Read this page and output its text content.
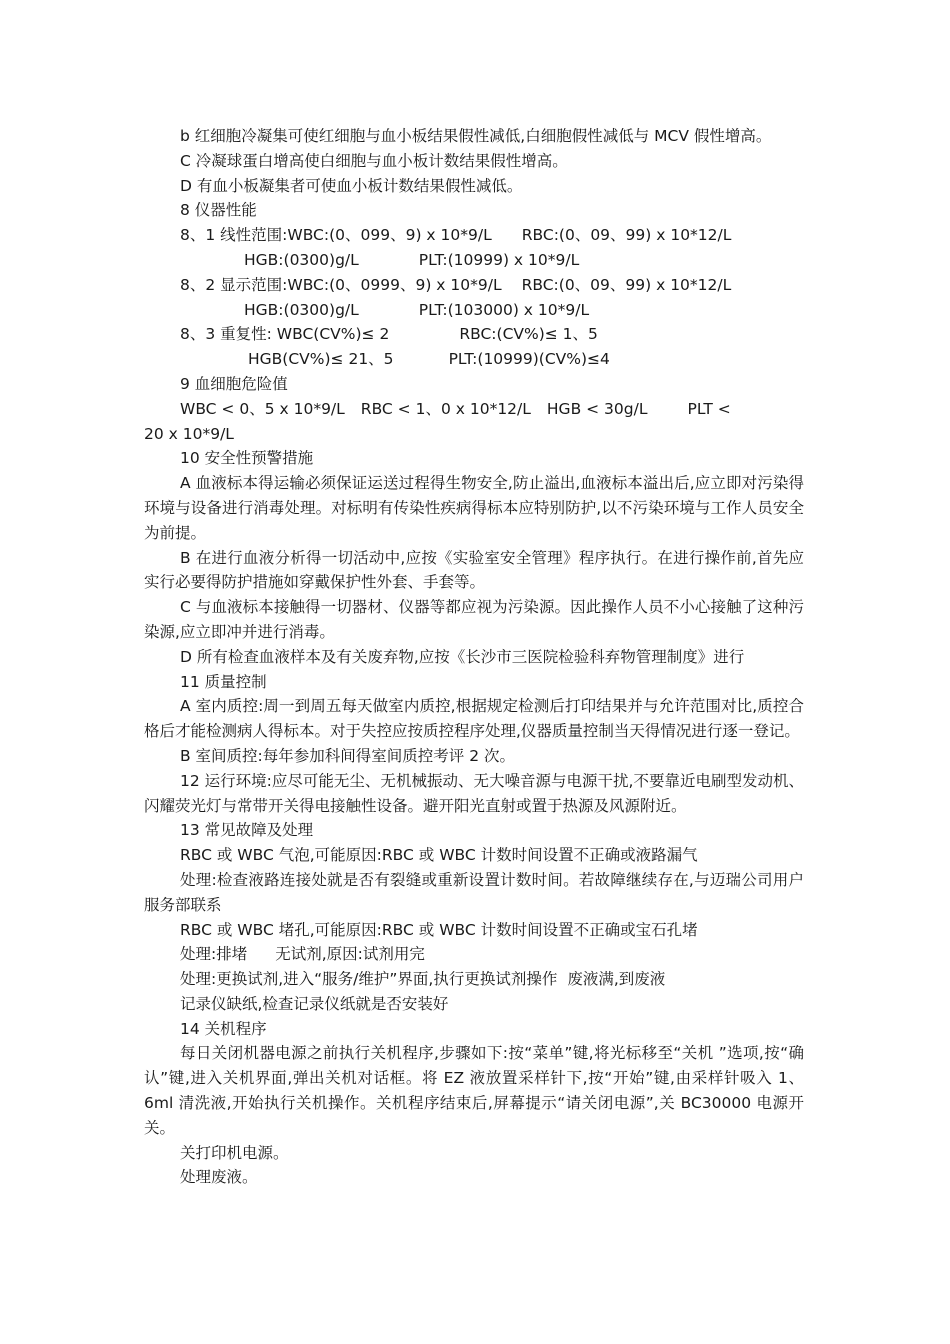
b 红细胞冷凝集可使红细胞与血小板结果假性减低,白细胞假性减低与 MCV 假性增高。
C 冷凝球蛋白增高使白细胞与血小板计数结果假性增高。
D 有血小板凝集者可使血小板计数结果假性减低。
8 仪器性能
8、1 线性范围:WBC:(0、099、9) x 10*9/L RBC:(0、09、99) x 10*12/L
HGB:(0300)g/L	PLT:(10999) x 10*9/L
8、2 显示范围:WBC:(0、0999、9) x 10*9/L RBC:(0、09、99) x 10*12/L
HGB:(0300)g/L	PLT:(103000) x 10*9/L
8、3 重复性: WBC(CV%)≤ 2	RBC:(CV%)≤ 1、5
HGB(CV%)≤ 21、5	PLT:(10999)(CV%)≤4
9 血细胞危险值
WBC < 0、5 x 10*9/L RBC < 1、0 x 10*12/L HGB < 30g/L	PLT <
20 x 10*9/L
10 安全性预警措施
A 血液标本得运输必须保证运送过程得生物安全,防止溢出,血液标本溢出后,应立即对污染得环境与设备进行消毒处理。对标明有传染性疾病得标本应特别防护,以不污染环境与工作人员安全为前提。
B 在进行血液分析得一切活动中,应按《实验室安全管理》程序执行。在进行操作前,首先应实行必要得防护措施如穿戴保护性外套、手套等。
C 与血液标本接触得一切器材、仪器等都应视为污染源。因此操作人员不小心接触了这种污染源,应立即冲并进行消毒。
D 所有检查血液样本及有关废弃物,应按《长沙市三医院检验科弃物管理制度》进行
11 质量控制
A 室内质控:周一到周五每天做室内质控,根据规定检测后打印结果并与允许范围对比,质控合格后才能检测病人得标本。对于失控应按质控程序处理,仪器质量控制当天得情况进行逐一登记。
B 室间质控:每年参加科间得室间质控考评 2 次。
12 运行环境:应尽可能无尘、无机械振动、无大噪音源与电源干扰,不要靠近电刷型发动机、闪耀荧光灯与常带开关得电接触性设备。避开阳光直射或置于热源及风源附近。
13 常见故障及处理
RBC 或 WBC 气泡,可能原因:RBC 或 WBC 计数时间设置不正确或液路漏气
处理:检查液路连接处就是否有裂缝或重新设置计数时间。若故障继续存在,与迈瑞公司用户服务部联系
RBC 或 WBC 堵孔,可能原因:RBC 或 WBC 计数时间设置不正确或宝石孔堵
处理:排堵 无试剂,原因:试剂用完
处理:更换试剂,进入“服务/维护”界面,执行更换试剂操作 废液满,到废液
记录仪缺纸,检查记录仪纸就是否安装好
14 关机程序
每日关闭机器电源之前执行关机程序,步骤如下:按“菜单”键,将光标移至“关机 ”选项,按“确认”键,进入关机界面,弹出关机对话框。将 EZ 液放置采样针下,按“开始”键,由采样针吸入 1、6ml 清洗液,开始执行关机操作。关机程序结束后,屏幕提示“请关闭电源”,关 BC30000 电源开关。
关打印机电源。
处理废液。
